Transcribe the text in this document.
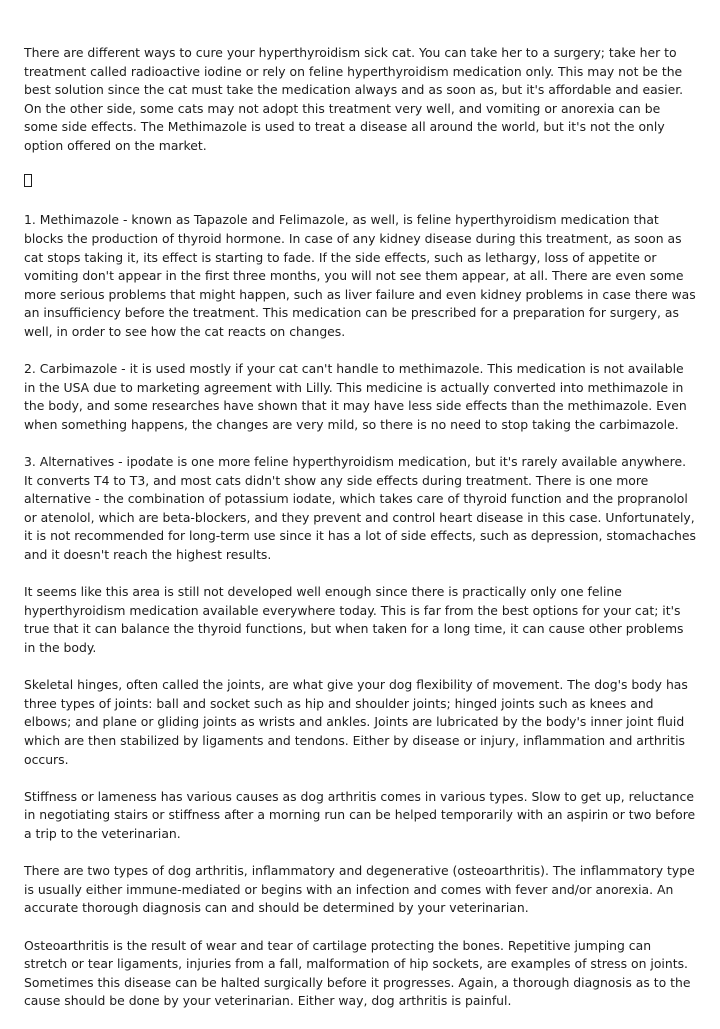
There are different ways to cure your hyperthyroidism sick cat. You can take her to a surgery; take her to treatment called radioactive iodine or rely on feline hyperthyroidism medication only. This may not be the best solution since the cat must take the medication always and as soon as, but it's affordable and easier. On the other side, some cats may not adopt this treatment very well, and vomiting or anorexia can be some side effects. The Methimazole is used to treat a disease all around the world, but it's not the only option offered on the market.

1. Methimazole - known as Tapazole and Felimazole, as well, is feline hyperthyroidism medication that blocks the production of thyroid hormone. In case of any kidney disease during this treatment, as soon as cat stops taking it, its effect is starting to fade. If the side effects, such as lethargy, loss of appetite or vomiting don't appear in the first three months, you will not see them appear, at all. There are even some more serious problems that might happen, such as liver failure and even kidney problems in case there was an insufficiency before the treatment. This medication can be prescribed for a preparation for surgery, as well, in order to see how the cat reacts on changes.

2. Carbimazole - it is used mostly if your cat can't handle to methimazole. This medication is not available in the USA due to marketing agreement with Lilly. This medicine is actually converted into methimazole in the body, and some researches have shown that it may have less side effects than the methimazole. Even when something happens, the changes are very mild, so there is no need to stop taking the carbimazole.

3. Alternatives - ipodate is one more feline hyperthyroidism medication, but it's rarely available anywhere. It converts T4 to T3, and most cats didn't show any side effects during treatment. There is one more alternative - the combination of potassium iodate, which takes care of thyroid function and the propranolol or atenolol, which are beta-blockers, and they prevent and control heart disease in this case. Unfortunately, it is not recommended for long-term use since it has a lot of side effects, such as depression, stomachaches and it doesn't reach the highest results.

It seems like this area is still not developed well enough since there is practically only one feline hyperthyroidism medication available everywhere today. This is far from the best options for your cat; it's true that it can balance the thyroid functions, but when taken for a long time, it can cause other problems in the body.

Skeletal hinges, often called the joints, are what give your dog flexibility of movement. The dog's body has three types of joints: ball and socket such as hip and shoulder joints; hinged joints such as knees and elbows; and plane or gliding joints as wrists and ankles. Joints are lubricated by the body's inner joint fluid which are then stabilized by ligaments and tendons. Either by disease or injury, inflammation and arthritis occurs.

Stiffness or lameness has various causes as dog arthritis comes in various types. Slow to get up, reluctance in negotiating stairs or stiffness after a morning run can be helped temporarily with an aspirin or two before a trip to the veterinarian.

There are two types of dog arthritis, inflammatory and degenerative (osteoarthritis). The inflammatory type is usually either immune-mediated or begins with an infection and comes with fever and/or anorexia. An accurate thorough diagnosis can and should be determined by your veterinarian.

Osteoarthritis is the result of wear and tear of cartilage protecting the bones. Repetitive jumping can stretch or tear ligaments, injuries from a fall, malformation of hip sockets, are examples of stress on joints. Sometimes this disease can be halted surgically before it progresses. Again, a thorough diagnosis as to the cause should be done by your veterinarian. Either way, dog arthritis is painful.
